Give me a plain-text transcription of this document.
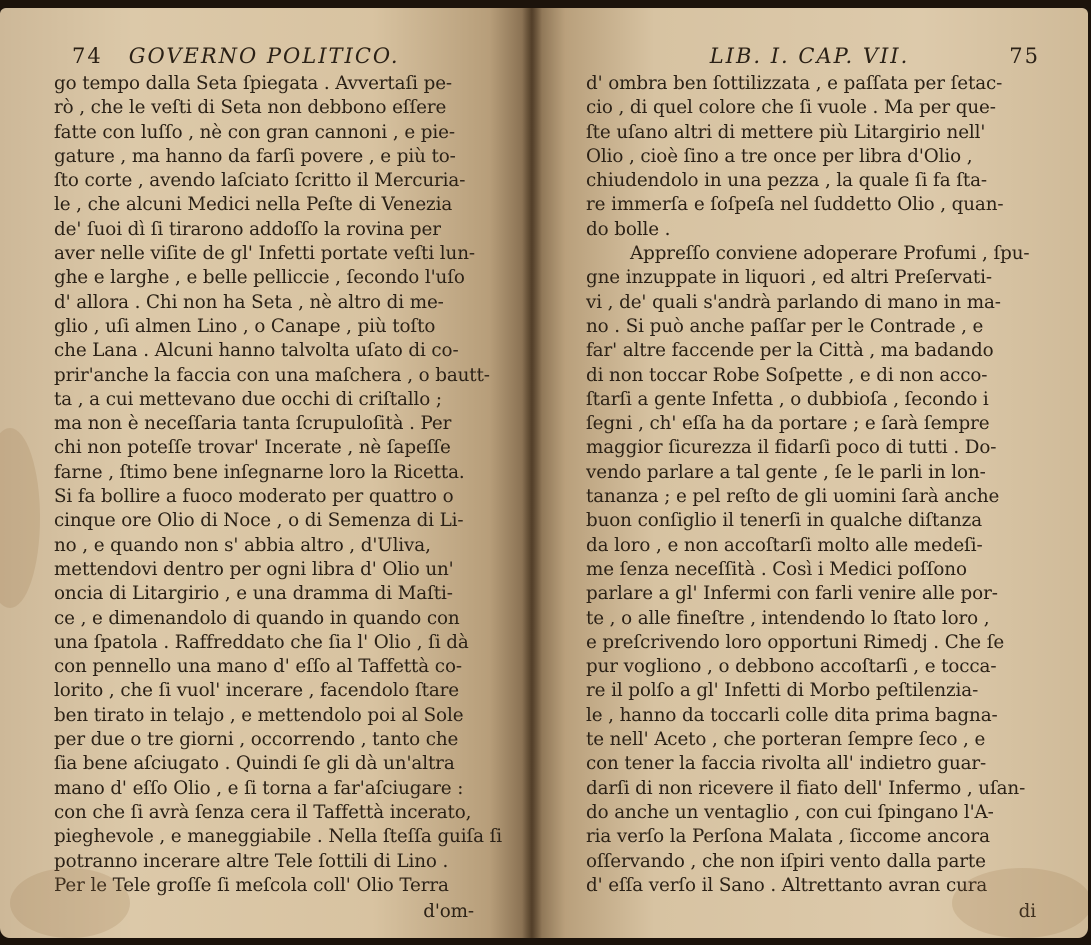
74 GOVERNO POLITICO.
go tempo dalla Seta ſpiegata . Avvertaſi pe-
rò , che le veſti di Seta non debbono eſſere
fatte con luſſo , nè con gran cannoni , e pie-
gature , ma hanno da farſi povere , e più to-
ſto corte , avendo laſciato ſcritto il Mercuria-
le , che alcuni Medici nella Peſte di Venezia
de' ſuoi dì ſi tirarono addoſſo la rovina per
aver nelle viſite de gl' Infetti portate veſti lun-
ghe e larghe , e belle pelliccie , ſecondo l'uſo
d' allora . Chi non ha Seta , nè altro di me-
glio , uſi almen Lino , o Canape , più toſto
che Lana . Alcuni hanno talvolta uſato di co-
prir'anche la faccia con una maſchera , o bautt-
ta , a cui mettevano due occhi di criſtallo ;
ma non è neceſſaria tanta ſcrupuloſità . Per
chi non poteſſe trovar' Incerate , nè ſapeſſe
farne , ſtimo bene inſegnarne loro la Ricetta.
Si fa bollire a fuoco moderato per quattro o
cinque ore Olio di Noce , o di Semenza di Li-
no , e quando non s' abbia altro , d'Uliva,
mettendovi dentro per ogni libra d' Olio un'
oncia di Litargirio , e una dramma di Maſti-
ce , e dimenandolo di quando in quando con
una ſpatola . Raffreddato che ſia l' Olio , ſi dà
con pennello una mano d' eſſo al Taffettà co-
lorito , che ſi vuol' incerare , facendolo ſtare
ben tirato in telajo , e mettendolo poi al Sole
per due o tre giorni , occorrendo , tanto che
ſia bene aſciugato . Quindi ſe gli dà un'altra
mano d' eſſo Olio , e ſi torna a far'aſciugare :
con che ſi avrà ſenza cera il Taffettà incerato,
pieghevole , e maneggiabile . Nella ſteſſa guiſa ſi
potranno incerare altre Tele ſottili di Lino .
Per le Tele groſſe ſi meſcola coll' Olio Terra
d'om-
LIB. I. CAP. VII.	75
d' ombra ben ſottilizzata , e paſſata per ſetac-
cio , di quel colore che ſi vuole . Ma per que-
ſte uſano altri di mettere più Litargirio nell'
Olio , cioè ſino a tre once per libra d'Olio ,
chiudendolo in una pezza , la quale ſi fa ſta-
re immerſa e ſoſpeſa nel ſuddetto Olio , quan-
do bolle .
Appreſſo conviene adoperare Profumi , ſpu-
gne inzuppate in liquori , ed altri Preſervati-
vi , de' quali s'andrà parlando di mano in ma-
no . Si può anche paſſar per le Contrade , e
far' altre faccende per la Città , ma badando
di non toccar Robe Soſpette , e di non acco-
ſtarſi a gente Infetta , o dubbioſa , ſecondo i
ſegni , ch' eſſa ha da portare ; e ſarà ſempre
maggior ſicurezza il fidarſi poco di tutti . Do-
vendo parlare a tal gente , ſe le parli in lon-
tananza ; e pel reſto de gli uomini ſarà anche
buon conſiglio il tenerſi in qualche diſtanza
da loro , e non accoſtarſi molto alle medeſi-
me ſenza neceſſità . Così i Medici poſſono
parlare a gl' Infermi con farli venire alle por-
te , o alle fineſtre , intendendo lo ſtato loro ,
e preſcrivendo loro opportuni Rimedj . Che ſe
pur vogliono , o debbono accoſtarſi , e tocca-
re il polſo a gl' Infetti di Morbo peſtilenzia-
le , hanno da toccarli colle dita prima bagna-
te nell' Aceto , che porteran ſempre ſeco , e
con tener la faccia rivolta all' indietro guar-
darſi di non ricevere il fiato dell' Infermo , uſan-
do anche un ventaglio , con cui ſpingano l'A-
ria verſo la Perſona Malata , ſiccome ancora
oſſervando , che non iſpiri vento dalla parte
d' eſſa verſo il Sano . Altrettanto avran cura
di
